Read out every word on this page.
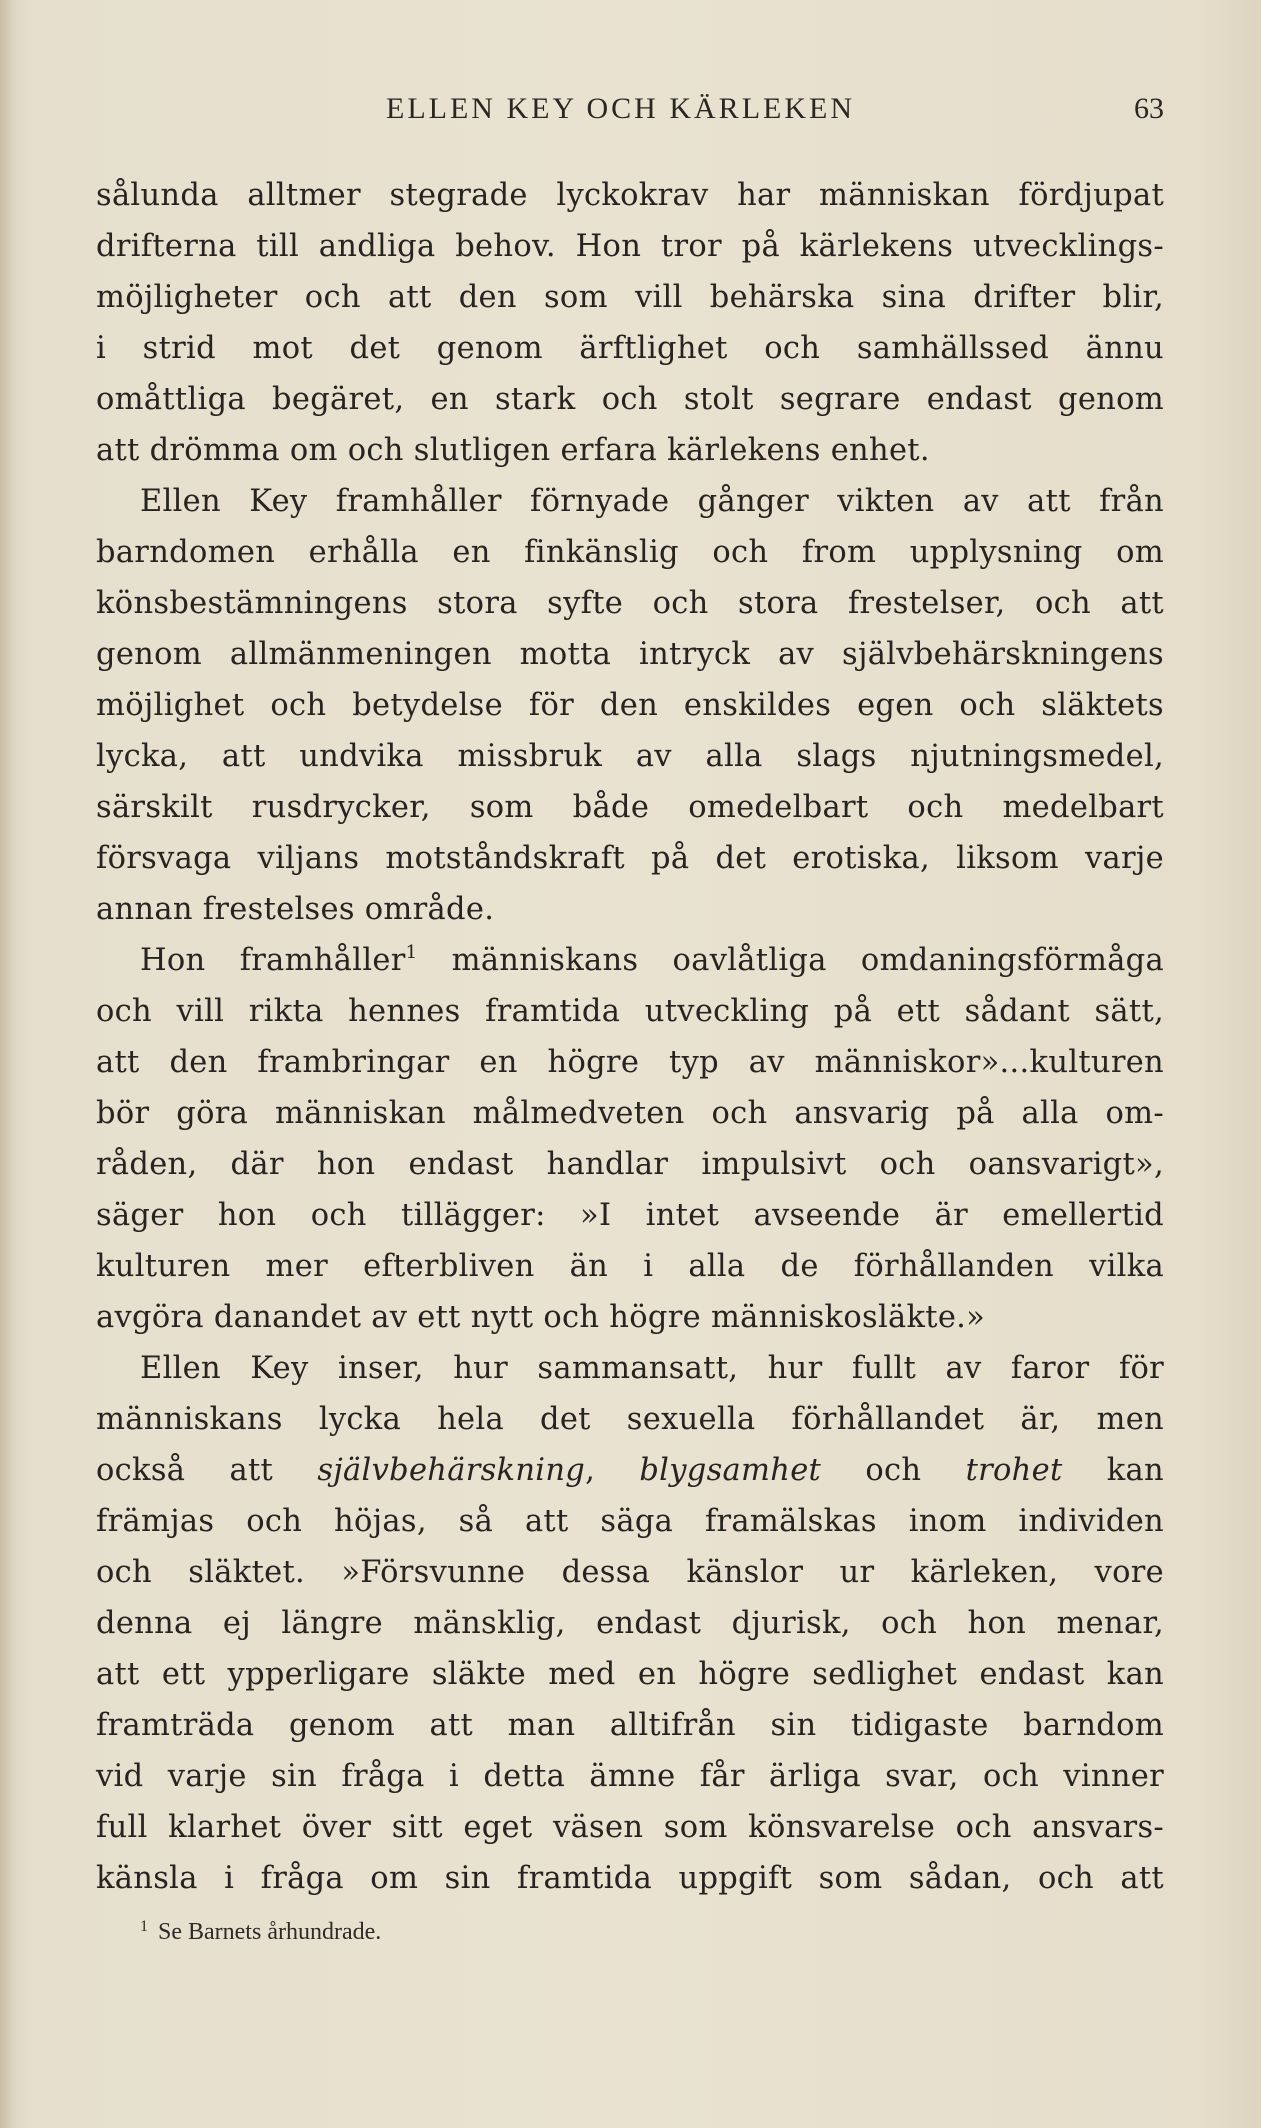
ELLEN KEY OCH KÄRLEKEN	63
sålunda alltmer stegrade lyckokrav har människan fördjupat
drifterna till andliga behov. Hon tror på kärlekens utvecklings-
möjligheter och att den som vill behärska sina drifter blir,
i strid mot det genom ärftlighet och samhällssed ännu
omåttliga begäret, en stark och stolt segrare endast genom
att drömma om och slutligen erfara kärlekens enhet.
Ellen Key framhåller förnyade gånger vikten av att från
barndomen erhålla en finkänslig och from upplysning om
könsbestämningens stora syfte och stora frestelser, och att
genom allmänmeningen motta intryck av självbehärskningens
möjlighet och betydelse för den enskildes egen och släktets
lycka, att undvika missbruk av alla slags njutningsmedel,
särskilt rusdrycker, som både omedelbart och medelbart
försvaga viljans motståndskraft på det erotiska, liksom varje
annan frestelses område.
Hon framhåller$^1$ människans oavlåtliga omdaningsförmåga
och vill rikta hennes framtida utveckling på ett sådant sätt,
att den frambringar en högre typ av människor»...kulturen
bör göra människan målmedveten och ansvarig på alla om-
råden, där hon endast handlar impulsivt och oansvarigt»,
säger hon och tillägger: »I intet avseende är emellertid
kulturen mer efterbliven än i alla de förhållanden vilka
avgöra danandet av ett nytt och högre människosläkte.»
Ellen Key inser, hur sammansatt, hur fullt av faror för
människans lycka hela det sexuella förhållandet är, men
också att självbehärskning, blygsamhet och trohet kan
främjas och höjas, så att säga framälskas inom individen
och släktet. »Försvunne dessa känslor ur kärleken, vore
denna ej längre mänsklig, endast djurisk, och hon menar,
att ett ypperligare släkte med en högre sedlighet endast kan
framträda genom att man alltifrån sin tidigaste barndom
vid varje sin fråga i detta ämne får ärliga svar, och vinner
full klarhet över sitt eget väsen som könsvarelse och ansvars-
känsla i fråga om sin framtida uppgift som sådan, och att
$^1$ Se Barnets århundrade.
